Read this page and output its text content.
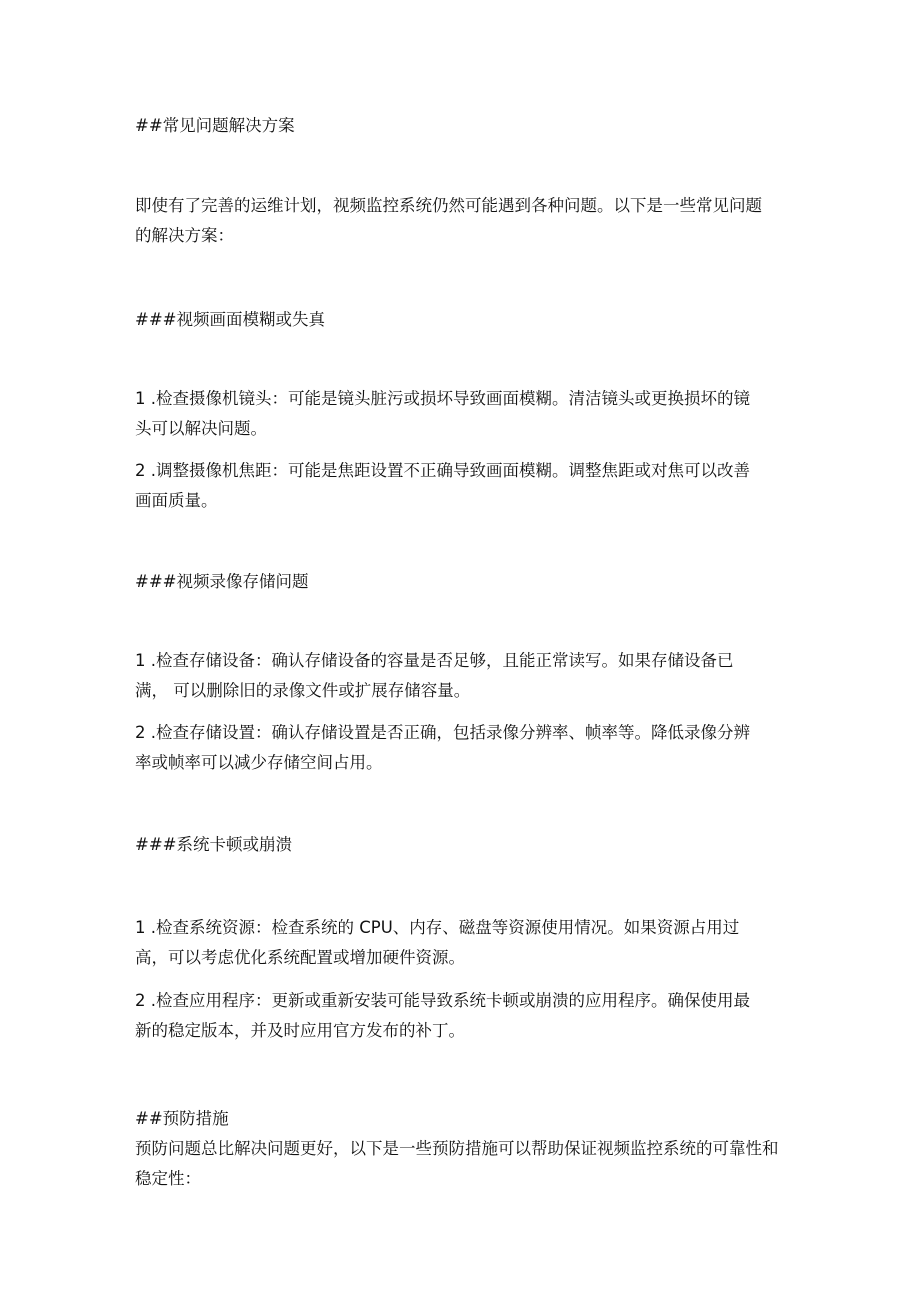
##常见问题解决方案

即使有了完善的运维计划，视频监控系统仍然可能遇到各种问题。以下是一些常见问题
的解决方案：

###视频画面模糊或失真

1 .检查摄像机镜头：可能是镜头脏污或损坏导致画面模糊。清洁镜头或更换损坏的镜
头可以解决问题。

2 .调整摄像机焦距：可能是焦距设置不正确导致画面模糊。调整焦距或对焦可以改善
画面质量。

###视频录像存储问题

1 .检查存储设备：确认存储设备的容量是否足够，且能正常读写。如果存储设备已
满， 可以删除旧的录像文件或扩展存储容量。

2 .检查存储设置：确认存储设置是否正确，包括录像分辨率、帧率等。降低录像分辨
率或帧率可以减少存储空间占用。

###系统卡顿或崩溃

1 .检查系统资源：检查系统的 CPU、内存、磁盘等资源使用情况。如果资源占用过
高，可以考虑优化系统配置或增加硬件资源。

2 .检查应用程序：更新或重新安装可能导致系统卡顿或崩溃的应用程序。确保使用最
新的稳定版本，并及时应用官方发布的补丁。

##预防措施

预防问题总比解决问题更好，以下是一些预防措施可以帮助保证视频监控系统的可靠性和
稳定性：
